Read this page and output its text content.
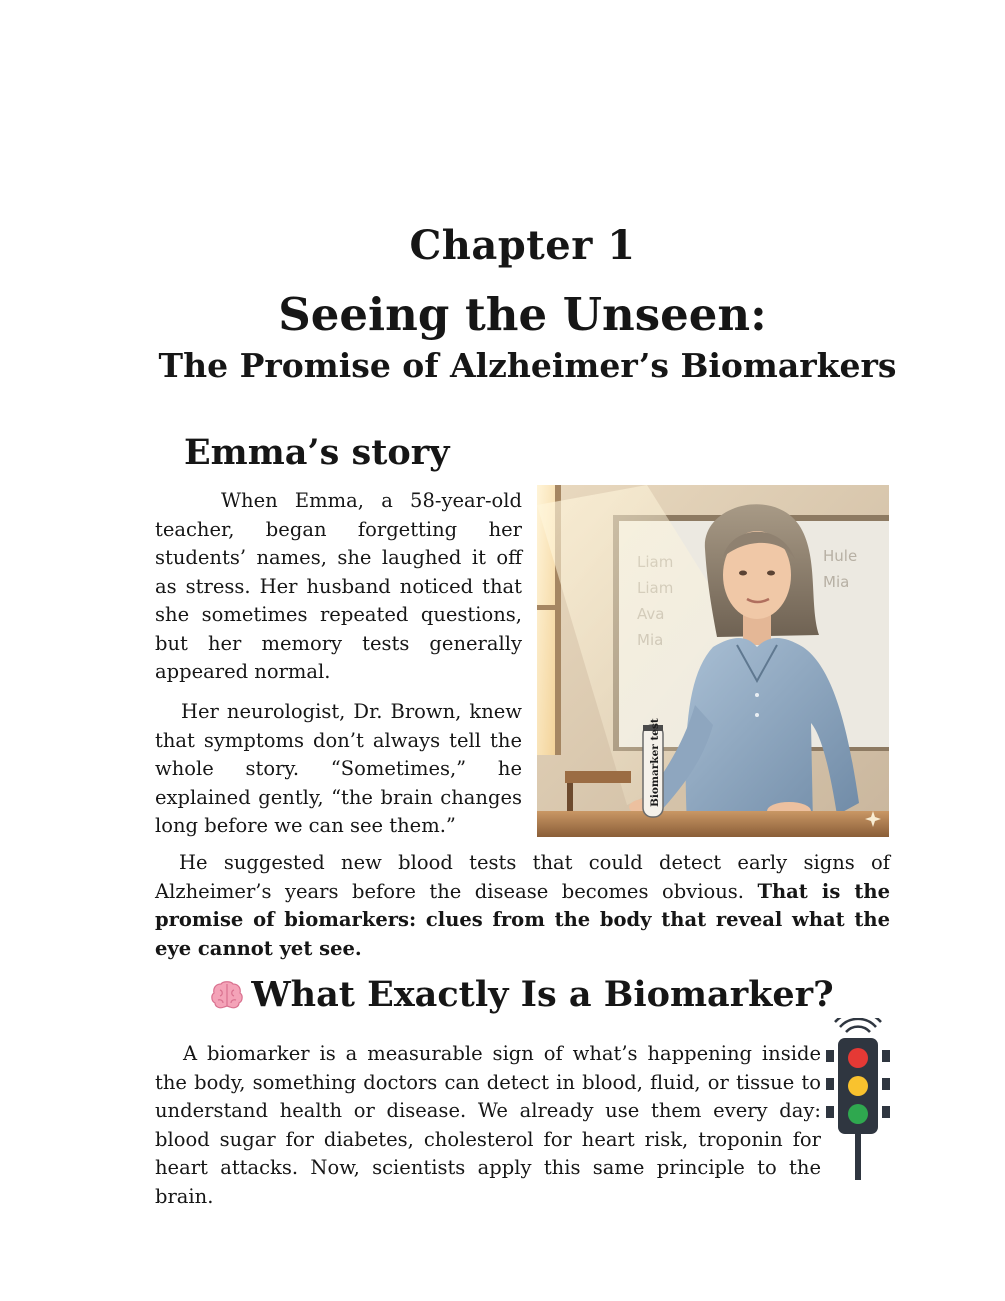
Chapter 1
Seeing the Unseen:
The Promise of Alzheimer’s Biomarkers
Emma’s story

When Emma, a 58-year-old teacher, began forgetting her students’ names, she laughed it off as stress. Her husband noticed that she sometimes repeated questions, but her memory tests generally appeared normal.

Her neurologist, Dr. Brown, knew that symptoms don’t always tell the whole story. “Sometimes,” he explained gently, “the brain changes long before we can see them.”

Hule
Mia
Biomarker test

He suggested new blood tests that could detect early signs of Alzheimer’s years before the disease becomes obvious. That is the promise of biomarkers: clues from the body that reveal what the eye cannot yet see.

What Exactly Is a Biomarker?

A biomarker is a measurable sign of what’s happening inside the body, something doctors can detect in blood, fluid, or tissue to understand health or disease. We already use them every day: blood sugar for diabetes, cholesterol for heart risk, troponin for heart attacks. Now, scientists apply this same principle to the brain.
